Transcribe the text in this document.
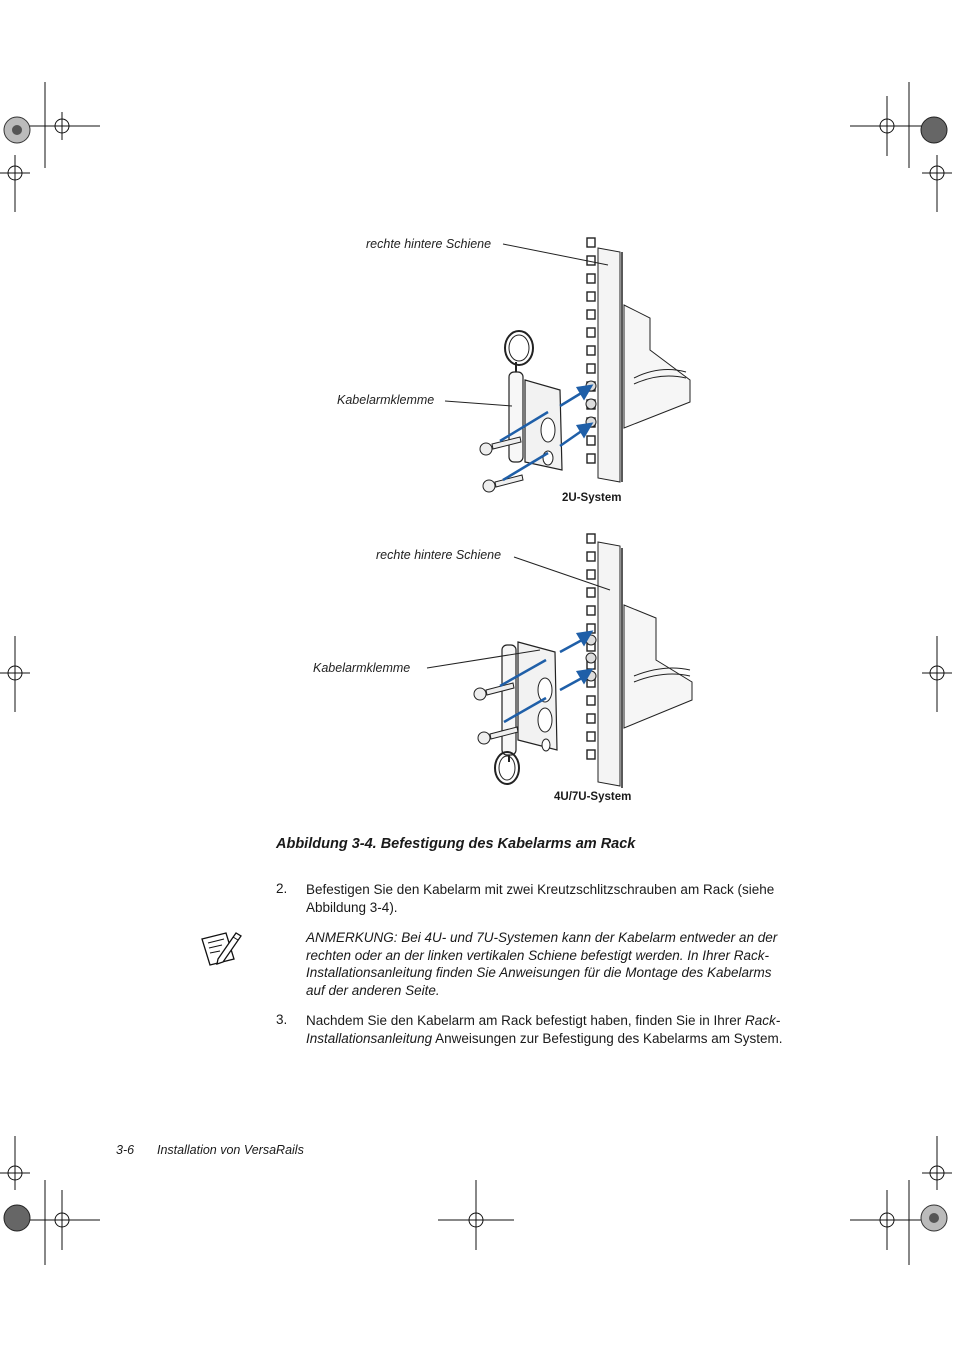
rechte hintere Schiene
Kabelarmklemme
2U-System
rechte hintere Schiene
Kabelarmklemme
4U/7U-System
Abbildung 3-4. Befestigung des Kabelarms am Rack
2. Befestigen Sie den Kabelarm mit zwei Kreutzschlitzschrauben am Rack (siehe
Abbildung 3-4).
ANMERKUNG: Bei 4U- und 7U-Systemen kann der Kabelarm entweder an der
rechten oder an der linken vertikalen Schiene befestigt werden. In Ihrer Rack-
Installationsanleitung finden Sie Anweisungen für die Montage des Kabelarms
auf der anderen Seite.
3. Nachdem Sie den Kabelarm am Rack befestigt haben, finden Sie in Ihrer Rack-
Installationsanleitung Anweisungen zur Befestigung des Kabelarms am System.
3-6 Installation von VersaRails
